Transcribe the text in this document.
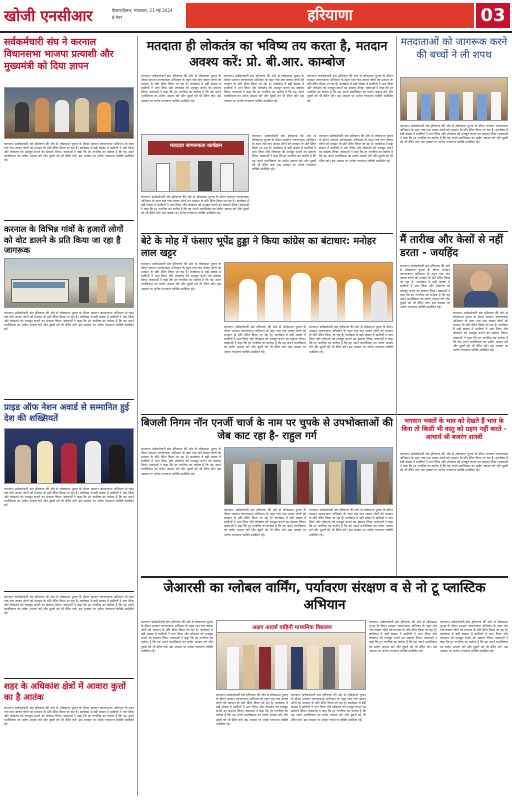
खोजी एनसीआर	हिसार/हिसार, मंगलवार, 21 मई 2024
ई-पेपर	हरियाणा	03
सर्वकर्मचारी संघ ने करनाल विधानसभा भाजपा प्रत्याशी और मुख्यमंत्री को दिया ज्ञापन
करनाल। सर्वकर्मचारी संघ हरियाणा की ओर से लोकसभा चुनाव के दौरान मतदान जागरूकता अभियान के तहत गांव गांव जाकर लोगों को मतदान के प्रति प्रेरित किया जा रहा है। कार्यक्रम में बड़ी संख्या में ग्रामीणों ने भाग लिया और लोकतंत्र को मजबूत बनाने का संकल्प लिया। वक्ताओं ने कहा कि हर नागरिक का कर्तव्य है कि वह अपने मताधिकार का प्रयोग अवश्य करे और दूसरों को भी प्रेरित करे। इस अवसर पर अनेक गणमान्य व्यक्ति उपस्थित रहे।
करनाल के विभिन्न गांवों के हजारों लोगों को वोट डालने के प्रति किया जा रहा है जागरूक
करनाल। सर्वकर्मचारी संघ हरियाणा की ओर से लोकसभा चुनाव के दौरान मतदान जागरूकता अभियान के तहत गांव गांव जाकर लोगों को मतदान के प्रति प्रेरित किया जा रहा है। कार्यक्रम में बड़ी संख्या में ग्रामीणों ने भाग लिया और लोकतंत्र को मजबूत बनाने का संकल्प लिया। वक्ताओं ने कहा कि हर नागरिक का कर्तव्य है कि वह अपने मताधिकार का प्रयोग अवश्य करे और दूसरों को भी प्रेरित करे। इस अवसर पर अनेक गणमान्य व्यक्ति उपस्थित रहे।
प्राइड ऑफ नेशन अवार्ड से सम्मानित हुई देश की शख्सियतें
करनाल। सर्वकर्मचारी संघ हरियाणा की ओर से लोकसभा चुनाव के दौरान मतदान जागरूकता अभियान के तहत गांव गांव जाकर लोगों को मतदान के प्रति प्रेरित किया जा रहा है। कार्यक्रम में बड़ी संख्या में ग्रामीणों ने भाग लिया और लोकतंत्र को मजबूत बनाने का संकल्प लिया। वक्ताओं ने कहा कि हर नागरिक का कर्तव्य है कि वह अपने मताधिकार का प्रयोग अवश्य करे और दूसरों को भी प्रेरित करे। इस अवसर पर अनेक गणमान्य व्यक्ति उपस्थित रहे।
करनाल। सर्वकर्मचारी संघ हरियाणा की ओर से लोकसभा चुनाव के दौरान मतदान जागरूकता अभियान के तहत गांव गांव जाकर लोगों को मतदान के प्रति प्रेरित किया जा रहा है। कार्यक्रम में बड़ी संख्या में ग्रामीणों ने भाग लिया और लोकतंत्र को मजबूत बनाने का संकल्प लिया। वक्ताओं ने कहा कि हर नागरिक का कर्तव्य है कि वह अपने मताधिकार का प्रयोग अवश्य करे और दूसरों को भी प्रेरित करे। इस अवसर पर अनेक गणमान्य व्यक्ति उपस्थित रहे।
शहर के अधिकांश क्षेत्रों में आवारा कुत्तों का है आतंक
करनाल। सर्वकर्मचारी संघ हरियाणा की ओर से लोकसभा चुनाव के दौरान मतदान जागरूकता अभियान के तहत गांव गांव जाकर लोगों को मतदान के प्रति प्रेरित किया जा रहा है। कार्यक्रम में बड़ी संख्या में ग्रामीणों ने भाग लिया और लोकतंत्र को मजबूत बनाने का संकल्प लिया। वक्ताओं ने कहा कि हर नागरिक का कर्तव्य है कि वह अपने मताधिकार का प्रयोग अवश्य करे और दूसरों को भी प्रेरित करे। इस अवसर पर अनेक गणमान्य व्यक्ति उपस्थित रहे।
मतदाता ही लोकतंत्र का भविष्य तय करता है, मतदान अवश्य करें: प्रो. बी.आर. काम्बोज
करनाल। सर्वकर्मचारी संघ हरियाणा की ओर से लोकसभा चुनाव के दौरान मतदान जागरूकता अभियान के तहत गांव गांव जाकर लोगों को मतदान के प्रति प्रेरित किया जा रहा है। कार्यक्रम में बड़ी संख्या में ग्रामीणों ने भाग लिया और लोकतंत्र को मजबूत बनाने का संकल्प लिया। वक्ताओं ने कहा कि हर नागरिक का कर्तव्य है कि वह अपने मताधिकार का प्रयोग अवश्य करे और दूसरों को भी प्रेरित करे। इस अवसर पर अनेक गणमान्य व्यक्ति उपस्थित रहे।
करनाल। सर्वकर्मचारी संघ हरियाणा की ओर से लोकसभा चुनाव के दौरान मतदान जागरूकता अभियान के तहत गांव गांव जाकर लोगों को मतदान के प्रति प्रेरित किया जा रहा है। कार्यक्रम में बड़ी संख्या में ग्रामीणों ने भाग लिया और लोकतंत्र को मजबूत बनाने का संकल्प लिया। वक्ताओं ने कहा कि हर नागरिक का कर्तव्य है कि वह अपने मताधिकार का प्रयोग अवश्य करे और दूसरों को भी प्रेरित करे। इस अवसर पर अनेक गणमान्य व्यक्ति उपस्थित रहे।
करनाल। सर्वकर्मचारी संघ हरियाणा की ओर से लोकसभा चुनाव के दौरान मतदान जागरूकता अभियान के तहत गांव गांव जाकर लोगों को मतदान के प्रति प्रेरित किया जा रहा है। कार्यक्रम में बड़ी संख्या में ग्रामीणों ने भाग लिया और लोकतंत्र को मजबूत बनाने का संकल्प लिया। वक्ताओं ने कहा कि हर नागरिक का कर्तव्य है कि वह अपने मताधिकार का प्रयोग अवश्य करे और दूसरों को भी प्रेरित करे। इस अवसर पर अनेक गणमान्य व्यक्ति उपस्थित रहे।
मतदाता जागरूकता कार्यक्रम
करनाल। सर्वकर्मचारी संघ हरियाणा की ओर से लोकसभा चुनाव के दौरान मतदान जागरूकता अभियान के तहत गांव गांव जाकर लोगों को मतदान के प्रति प्रेरित किया जा रहा है। कार्यक्रम में बड़ी संख्या में ग्रामीणों ने भाग लिया और लोकतंत्र को मजबूत बनाने का संकल्प लिया। वक्ताओं ने कहा कि हर नागरिक का कर्तव्य है कि वह अपने मताधिकार का प्रयोग अवश्य करे और दूसरों को भी प्रेरित करे। इस अवसर पर अनेक गणमान्य व्यक्ति उपस्थित रहे।
करनाल। सर्वकर्मचारी संघ हरियाणा की ओर से लोकसभा चुनाव के दौरान मतदान जागरूकता अभियान के तहत गांव गांव जाकर लोगों को मतदान के प्रति प्रेरित किया जा रहा है। कार्यक्रम में बड़ी संख्या में ग्रामीणों ने भाग लिया और लोकतंत्र को मजबूत बनाने का संकल्प लिया। वक्ताओं ने कहा कि हर नागरिक का कर्तव्य है कि वह अपने मताधिकार का प्रयोग अवश्य करे और दूसरों को भी प्रेरित करे। इस अवसर पर अनेक गणमान्य व्यक्ति उपस्थित रहे।
करनाल। सर्वकर्मचारी संघ हरियाणा की ओर से लोकसभा चुनाव के दौरान मतदान जागरूकता अभियान के तहत गांव गांव जाकर लोगों को मतदान के प्रति प्रेरित किया जा रहा है। कार्यक्रम में बड़ी संख्या में ग्रामीणों ने भाग लिया और लोकतंत्र को मजबूत बनाने का संकल्प लिया। वक्ताओं ने कहा कि हर नागरिक का कर्तव्य है कि वह अपने मताधिकार का प्रयोग अवश्य करे और दूसरों को भी प्रेरित करे। इस अवसर पर अनेक गणमान्य व्यक्ति उपस्थित रहे।
बेटे के मोह में फंसाए भूपेंद्र हुड्डा ने किया कांग्रेस का बंटाधार: मनोहर लाल खट्टर
करनाल। सर्वकर्मचारी संघ हरियाणा की ओर से लोकसभा चुनाव के दौरान मतदान जागरूकता अभियान के तहत गांव गांव जाकर लोगों को मतदान के प्रति प्रेरित किया जा रहा है। कार्यक्रम में बड़ी संख्या में ग्रामीणों ने भाग लिया और लोकतंत्र को मजबूत बनाने का संकल्प लिया। वक्ताओं ने कहा कि हर नागरिक का कर्तव्य है कि वह अपने मताधिकार का प्रयोग अवश्य करे और दूसरों को भी प्रेरित करे। इस अवसर पर अनेक गणमान्य व्यक्ति उपस्थित रहे।
करनाल। सर्वकर्मचारी संघ हरियाणा की ओर से लोकसभा चुनाव के दौरान मतदान जागरूकता अभियान के तहत गांव गांव जाकर लोगों को मतदान के प्रति प्रेरित किया जा रहा है। कार्यक्रम में बड़ी संख्या में ग्रामीणों ने भाग लिया और लोकतंत्र को मजबूत बनाने का संकल्प लिया। वक्ताओं ने कहा कि हर नागरिक का कर्तव्य है कि वह अपने मताधिकार का प्रयोग अवश्य करे और दूसरों को भी प्रेरित करे। इस अवसर पर अनेक गणमान्य व्यक्ति उपस्थित रहे।
करनाल। सर्वकर्मचारी संघ हरियाणा की ओर से लोकसभा चुनाव के दौरान मतदान जागरूकता अभियान के तहत गांव गांव जाकर लोगों को मतदान के प्रति प्रेरित किया जा रहा है। कार्यक्रम में बड़ी संख्या में ग्रामीणों ने भाग लिया और लोकतंत्र को मजबूत बनाने का संकल्प लिया। वक्ताओं ने कहा कि हर नागरिक का कर्तव्य है कि वह अपने मताधिकार का प्रयोग अवश्य करे और दूसरों को भी प्रेरित करे। इस अवसर पर अनेक गणमान्य व्यक्ति उपस्थित रहे।
मतदाताओं को जागरूक करने की बच्चों ने ली शपथ
करनाल। सर्वकर्मचारी संघ हरियाणा की ओर से लोकसभा चुनाव के दौरान मतदान जागरूकता अभियान के तहत गांव गांव जाकर लोगों को मतदान के प्रति प्रेरित किया जा रहा है। कार्यक्रम में बड़ी संख्या में ग्रामीणों ने भाग लिया और लोकतंत्र को मजबूत बनाने का संकल्प लिया। वक्ताओं ने कहा कि हर नागरिक का कर्तव्य है कि वह अपने मताधिकार का प्रयोग अवश्य करे और दूसरों को भी प्रेरित करे। इस अवसर पर अनेक गणमान्य व्यक्ति उपस्थित रहे।
मैं तारीख और केसों से नहीं डरता - जयहिंद
करनाल। सर्वकर्मचारी संघ हरियाणा की ओर से लोकसभा चुनाव के दौरान मतदान जागरूकता अभियान के तहत गांव गांव जाकर लोगों को मतदान के प्रति प्रेरित किया जा रहा है। कार्यक्रम में बड़ी संख्या में ग्रामीणों ने भाग लिया और लोकतंत्र को मजबूत बनाने का संकल्प लिया। वक्ताओं ने कहा कि हर नागरिक का कर्तव्य है कि वह अपने मताधिकार का प्रयोग अवश्य करे और दूसरों को भी प्रेरित करे। इस अवसर पर अनेक गणमान्य व्यक्ति उपस्थित रहे।
करनाल। सर्वकर्मचारी संघ हरियाणा की ओर से लोकसभा चुनाव के दौरान मतदान जागरूकता अभियान के तहत गांव गांव जाकर लोगों को मतदान के प्रति प्रेरित किया जा रहा है। कार्यक्रम में बड़ी संख्या में ग्रामीणों ने भाग लिया और लोकतंत्र को मजबूत बनाने का संकल्प लिया। वक्ताओं ने कहा कि हर नागरिक का कर्तव्य है कि वह अपने मताधिकार का प्रयोग अवश्य करे और दूसरों को भी प्रेरित करे। इस अवसर पर अनेक गणमान्य व्यक्ति उपस्थित रहे।
बिजली निगम नॉन एनर्जी चार्ज के नाम पर चुपके से उपभोक्ताओं की जेब काट रहा है- राहुल गर्ग
करनाल। सर्वकर्मचारी संघ हरियाणा की ओर से लोकसभा चुनाव के दौरान मतदान जागरूकता अभियान के तहत गांव गांव जाकर लोगों को मतदान के प्रति प्रेरित किया जा रहा है। कार्यक्रम में बड़ी संख्या में ग्रामीणों ने भाग लिया और लोकतंत्र को मजबूत बनाने का संकल्प लिया। वक्ताओं ने कहा कि हर नागरिक का कर्तव्य है कि वह अपने मताधिकार का प्रयोग अवश्य करे और दूसरों को भी प्रेरित करे। इस अवसर पर अनेक गणमान्य व्यक्ति उपस्थित रहे।
करनाल। सर्वकर्मचारी संघ हरियाणा की ओर से लोकसभा चुनाव के दौरान मतदान जागरूकता अभियान के तहत गांव गांव जाकर लोगों को मतदान के प्रति प्रेरित किया जा रहा है। कार्यक्रम में बड़ी संख्या में ग्रामीणों ने भाग लिया और लोकतंत्र को मजबूत बनाने का संकल्प लिया। वक्ताओं ने कहा कि हर नागरिक का कर्तव्य है कि वह अपने मताधिकार का प्रयोग अवश्य करे और दूसरों को भी प्रेरित करे। इस अवसर पर अनेक गणमान्य व्यक्ति उपस्थित रहे।
करनाल। सर्वकर्मचारी संघ हरियाणा की ओर से लोकसभा चुनाव के दौरान मतदान जागरूकता अभियान के तहत गांव गांव जाकर लोगों को मतदान के प्रति प्रेरित किया जा रहा है। कार्यक्रम में बड़ी संख्या में ग्रामीणों ने भाग लिया और लोकतंत्र को मजबूत बनाने का संकल्प लिया। वक्ताओं ने कहा कि हर नागरिक का कर्तव्य है कि वह अपने मताधिकार का प्रयोग अवश्य करे और दूसरों को भी प्रेरित करे। इस अवसर पर अनेक गणमान्य व्यक्ति उपस्थित रहे।
भगवान भक्तों के भाव को देखते हैं भाव के बिना तो किसी भी वस्तु को ग्रहण नहीं करते - आचार्य श्री बजरंग शास्त्री
करनाल। सर्वकर्मचारी संघ हरियाणा की ओर से लोकसभा चुनाव के दौरान मतदान जागरूकता अभियान के तहत गांव गांव जाकर लोगों को मतदान के प्रति प्रेरित किया जा रहा है। कार्यक्रम में बड़ी संख्या में ग्रामीणों ने भाग लिया और लोकतंत्र को मजबूत बनाने का संकल्प लिया। वक्ताओं ने कहा कि हर नागरिक का कर्तव्य है कि वह अपने मताधिकार का प्रयोग अवश्य करे और दूसरों को भी प्रेरित करे। इस अवसर पर अनेक गणमान्य व्यक्ति उपस्थित रहे।
जेआरसी का ग्लोबल वार्मिंग, पर्यावरण संरक्षण व से नो टू प्लास्टिक अभियान
करनाल। सर्वकर्मचारी संघ हरियाणा की ओर से लोकसभा चुनाव के दौरान मतदान जागरूकता अभियान के तहत गांव गांव जाकर लोगों को मतदान के प्रति प्रेरित किया जा रहा है। कार्यक्रम में बड़ी संख्या में ग्रामीणों ने भाग लिया और लोकतंत्र को मजबूत बनाने का संकल्प लिया। वक्ताओं ने कहा कि हर नागरिक का कर्तव्य है कि वह अपने मताधिकार का प्रयोग अवश्य करे और दूसरों को भी प्रेरित करे। इस अवसर पर अनेक गणमान्य व्यक्ति उपस्थित रहे।
अक्षय आदर्श वाहिनी माध्यमिक विद्यालय
करनाल। सर्वकर्मचारी संघ हरियाणा की ओर से लोकसभा चुनाव के दौरान मतदान जागरूकता अभियान के तहत गांव गांव जाकर लोगों को मतदान के प्रति प्रेरित किया जा रहा है। कार्यक्रम में बड़ी संख्या में ग्रामीणों ने भाग लिया और लोकतंत्र को मजबूत बनाने का संकल्प लिया। वक्ताओं ने कहा कि हर नागरिक का कर्तव्य है कि वह अपने मताधिकार का प्रयोग अवश्य करे और दूसरों को भी प्रेरित करे। इस अवसर पर अनेक गणमान्य व्यक्ति उपस्थित रहे।
करनाल। सर्वकर्मचारी संघ हरियाणा की ओर से लोकसभा चुनाव के दौरान मतदान जागरूकता अभियान के तहत गांव गांव जाकर लोगों को मतदान के प्रति प्रेरित किया जा रहा है। कार्यक्रम में बड़ी संख्या में ग्रामीणों ने भाग लिया और लोकतंत्र को मजबूत बनाने का संकल्प लिया। वक्ताओं ने कहा कि हर नागरिक का कर्तव्य है कि वह अपने मताधिकार का प्रयोग अवश्य करे और दूसरों को भी प्रेरित करे। इस अवसर पर अनेक गणमान्य व्यक्ति उपस्थित रहे।
करनाल। सर्वकर्मचारी संघ हरियाणा की ओर से लोकसभा चुनाव के दौरान मतदान जागरूकता अभियान के तहत गांव गांव जाकर लोगों को मतदान के प्रति प्रेरित किया जा रहा है। कार्यक्रम में बड़ी संख्या में ग्रामीणों ने भाग लिया और लोकतंत्र को मजबूत बनाने का संकल्प लिया। वक्ताओं ने कहा कि हर नागरिक का कर्तव्य है कि वह अपने मताधिकार का प्रयोग अवश्य करे और दूसरों को भी प्रेरित करे। इस अवसर पर अनेक गणमान्य व्यक्ति उपस्थित रहे।
करनाल। सर्वकर्मचारी संघ हरियाणा की ओर से लोकसभा चुनाव के दौरान मतदान जागरूकता अभियान के तहत गांव गांव जाकर लोगों को मतदान के प्रति प्रेरित किया जा रहा है। कार्यक्रम में बड़ी संख्या में ग्रामीणों ने भाग लिया और लोकतंत्र को मजबूत बनाने का संकल्प लिया। वक्ताओं ने कहा कि हर नागरिक का कर्तव्य है कि वह अपने मताधिकार का प्रयोग अवश्य करे और दूसरों को भी प्रेरित करे। इस अवसर पर अनेक गणमान्य व्यक्ति उपस्थित रहे।
